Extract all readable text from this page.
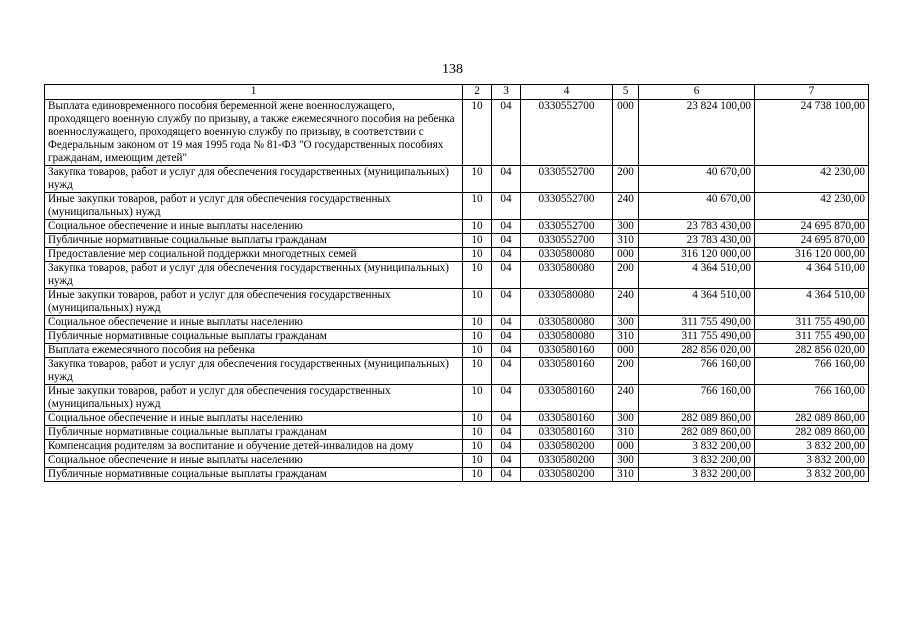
138
1	2	3	4	5	6	7
Выплата единовременного пособия беременной жене военнослужащего, проходящего военную службу по призыву, а также ежемесячного пособия на ребенка военнослужащего, проходящего военную службу по призыву, в соответствии с Федеральным законом от 19 мая 1995 года № 81-ФЗ "О государственных пособиях гражданам, имеющим детей"	10	04	0330552700	000	23 824 100,00	24 738 100,00
Закупка товаров, работ и услуг для обеспечения государственных (муниципальных) нужд	10	04	0330552700	200	40 670,00	42 230,00
Иные закупки товаров, работ и услуг для обеспечения государственных (муниципальных) нужд	10	04	0330552700	240	40 670,00	42 230,00
Социальное обеспечение и иные выплаты населению	10	04	0330552700	300	23 783 430,00	24 695 870,00
Публичные нормативные социальные выплаты гражданам	10	04	0330552700	310	23 783 430,00	24 695 870,00
Предоставление мер социальной поддержки многодетных семей	10	04	0330580080	000	316 120 000,00	316 120 000,00
Закупка товаров, работ и услуг для обеспечения государственных (муниципальных) нужд	10	04	0330580080	200	4 364 510,00	4 364 510,00
Иные закупки товаров, работ и услуг для обеспечения государственных (муниципальных) нужд	10	04	0330580080	240	4 364 510,00	4 364 510,00
Социальное обеспечение и иные выплаты населению	10	04	0330580080	300	311 755 490,00	311 755 490,00
Публичные нормативные социальные выплаты гражданам	10	04	0330580080	310	311 755 490,00	311 755 490,00
Выплата ежемесячного пособия на ребенка	10	04	0330580160	000	282 856 020,00	282 856 020,00
Закупка товаров, работ и услуг для обеспечения государственных (муниципальных) нужд	10	04	0330580160	200	766 160,00	766 160,00
Иные закупки товаров, работ и услуг для обеспечения государственных (муниципальных) нужд	10	04	0330580160	240	766 160,00	766 160,00
Социальное обеспечение и иные выплаты населению	10	04	0330580160	300	282 089 860,00	282 089 860,00
Публичные нормативные социальные выплаты гражданам	10	04	0330580160	310	282 089 860,00	282 089 860,00
Компенсация родителям за воспитание и обучение детей-инвалидов на дому	10	04	0330580200	000	3 832 200,00	3 832 200,00
Социальное обеспечение и иные выплаты населению	10	04	0330580200	300	3 832 200,00	3 832 200,00
Публичные нормативные социальные выплаты гражданам	10	04	0330580200	310	3 832 200,00	3 832 200,00
